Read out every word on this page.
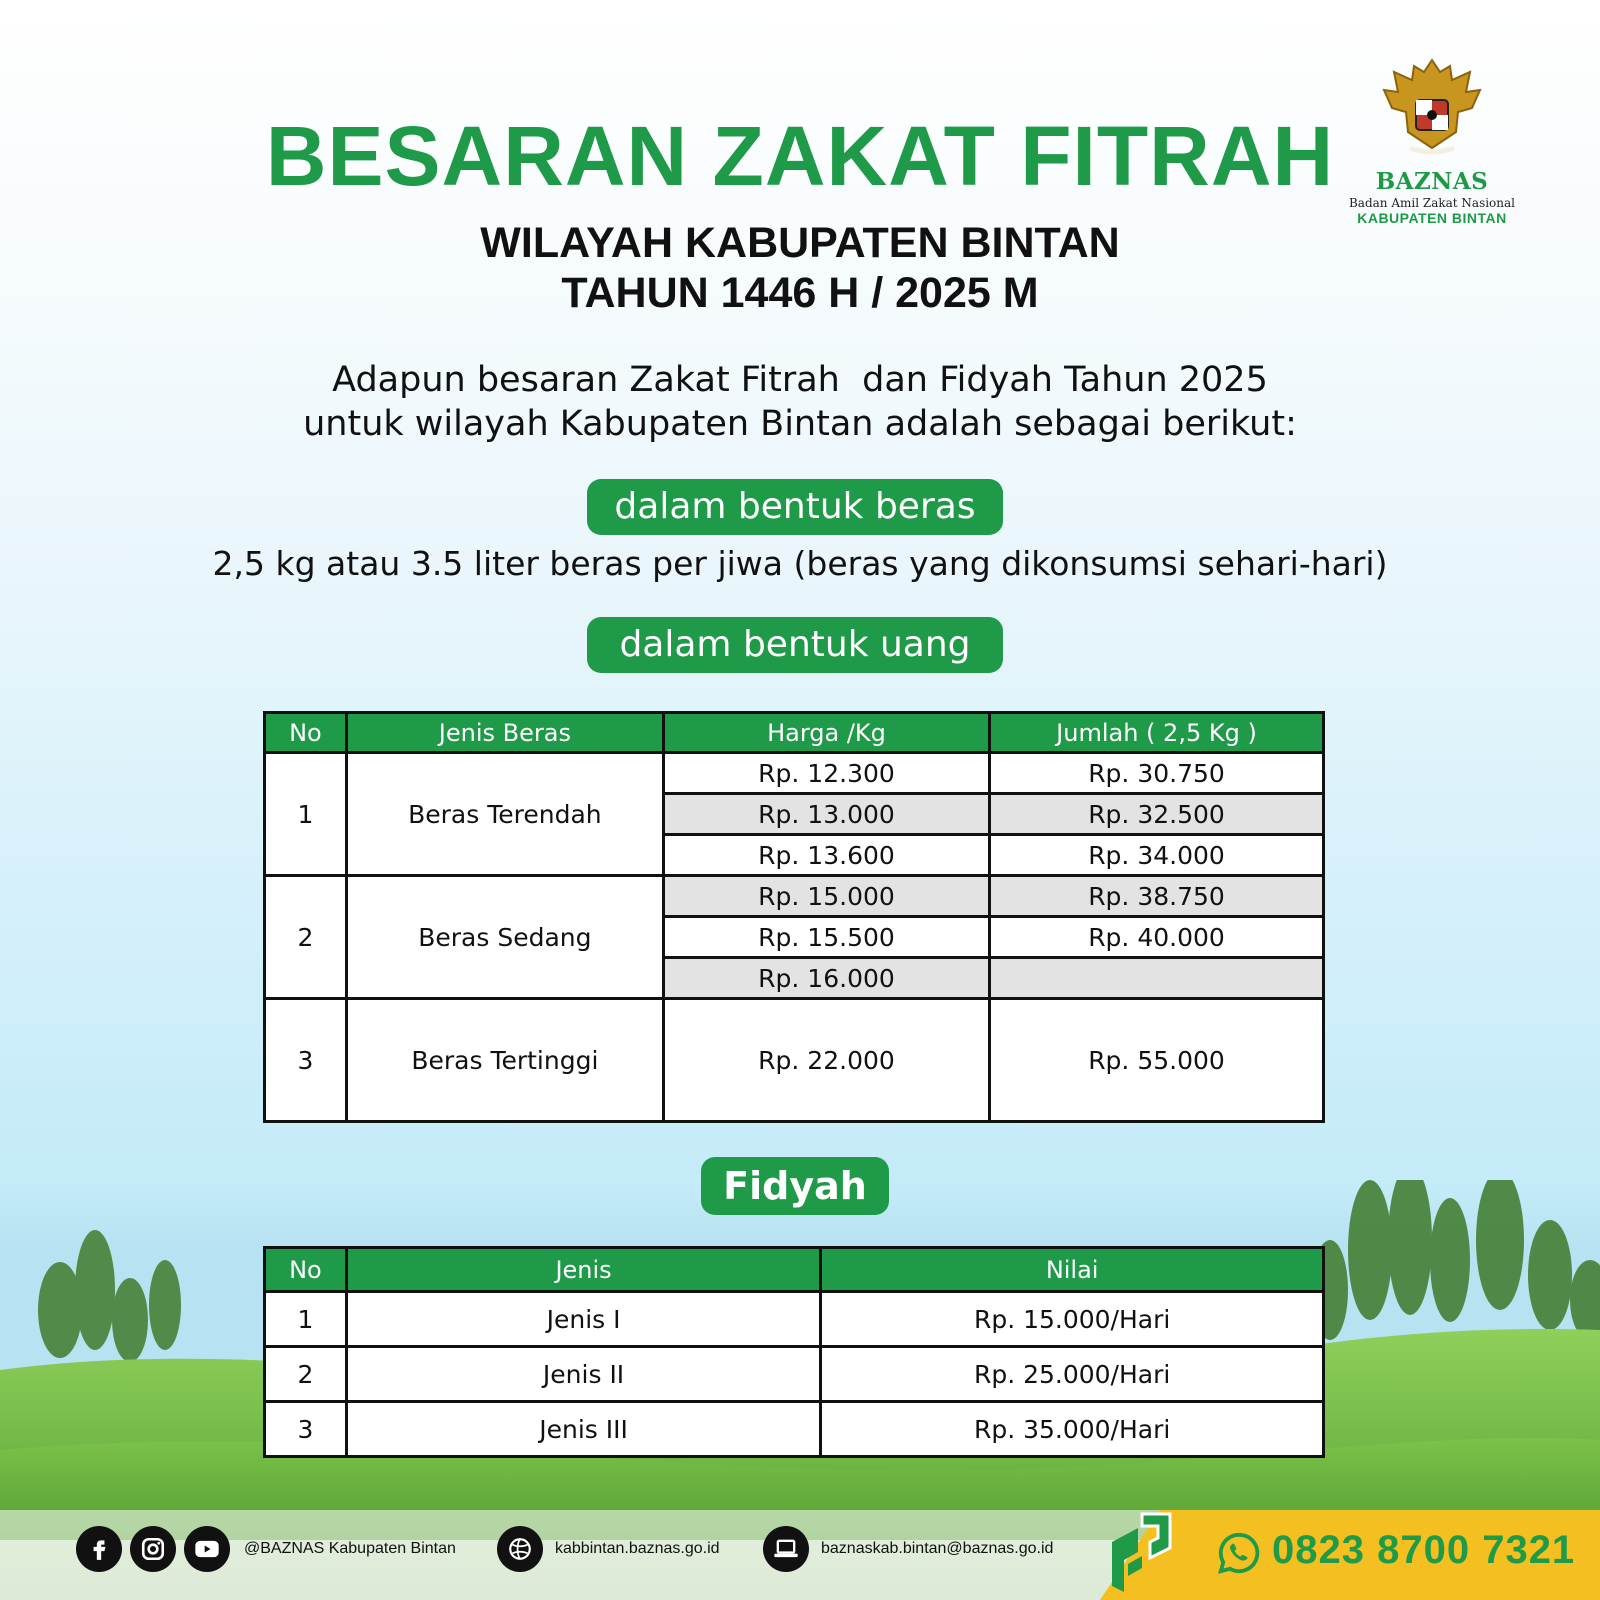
BAZNAS
Badan Amil Zakat Nasional
KABUPATEN BINTAN
BESARAN ZAKAT FITRAH
WILAYAH KABUPATEN BINTAN
TAHUN 1446 H / 2025 M
Adapun besaran Zakat Fitrah  dan Fidyah Tahun 2025
untuk wilayah Kabupaten Bintan adalah sebagai berikut:
dalam bentuk beras
2,5 kg atau 3.5 liter beras per jiwa (beras yang dikonsumsi sehari-hari)
dalam bentuk uang
No	Jenis Beras	Harga /Kg	Jumlah ( 2,5 Kg )
1	Beras Terendah	Rp. 12.300	Rp. 30.750
		Rp. 13.000	Rp. 32.500
		Rp. 13.600	Rp. 34.000
2	Beras Sedang	Rp. 15.000	Rp. 38.750
		Rp. 15.500	Rp. 40.000
		Rp. 16.000	
3	Beras Tertinggi	Rp. 22.000	Rp. 55.000
Fidyah
No	Jenis	Nilai
1	Jenis I	Rp. 15.000/Hari
2	Jenis II	Rp. 25.000/Hari
3	Jenis III	Rp. 35.000/Hari
@BAZNAS Kabupaten Bintan	kabbintan.baznas.go.id	baznaskab.bintan@baznas.go.id	0823 8700 7321
